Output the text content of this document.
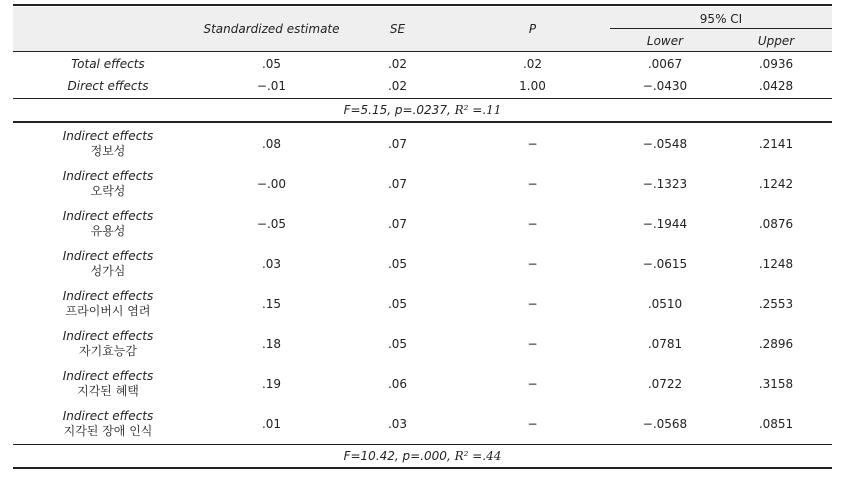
Standardized estimate	SE	P
95% CI
Lower	Upper
Total effects	.05	.02	.02	.0067	.0936
Direct effects	−.01	.02	1.00	−.0430	.0428
F=5.15, p=.0237, R² =.11
Indirect effects
정보성	.08	.07	−	−.0548	.2141
Indirect effects
오락성	−.00	.07	−	−.1323	.1242
Indirect effects
유용성	−.05	.07	−	−.1944	.0876
Indirect effects
성가심	.03	.05	−	−.0615	.1248
Indirect effects
프라이버시 염려	.15	.05	−	.0510	.2553
Indirect effects
자기효능감	.18	.05	−	.0781	.2896
Indirect effects
지각된 혜택	.19	.06	−	.0722	.3158
Indirect effects
지각된 장애 인식	.01	.03	−	−.0568	.0851
F=10.42, p=.000, R² =.44
